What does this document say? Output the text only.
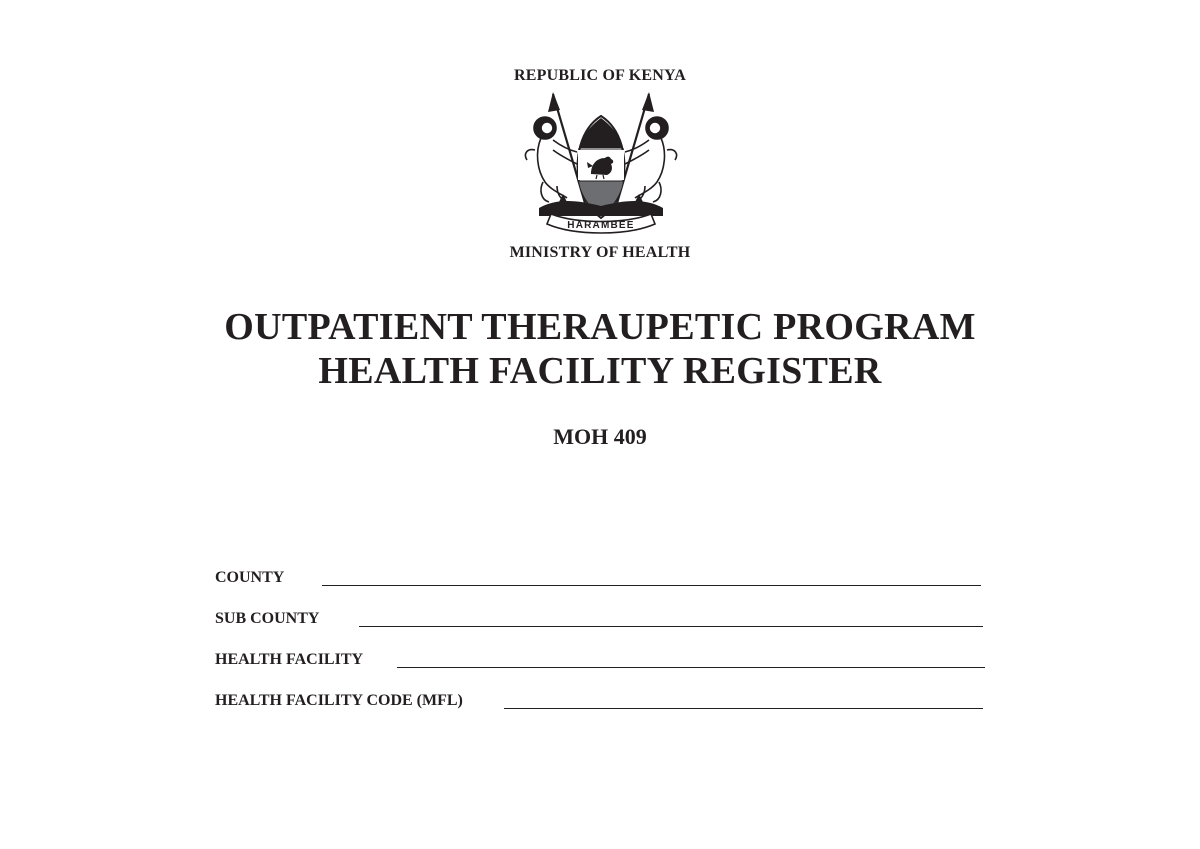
REPUBLIC OF KENYA
HARAMBEE
MINISTRY OF HEALTH
OUTPATIENT THERAUPETIC PROGRAM
HEALTH FACILITY REGISTER
MOH 409
COUNTY
SUB COUNTY
HEALTH FACILITY
HEALTH FACILITY CODE (MFL)
